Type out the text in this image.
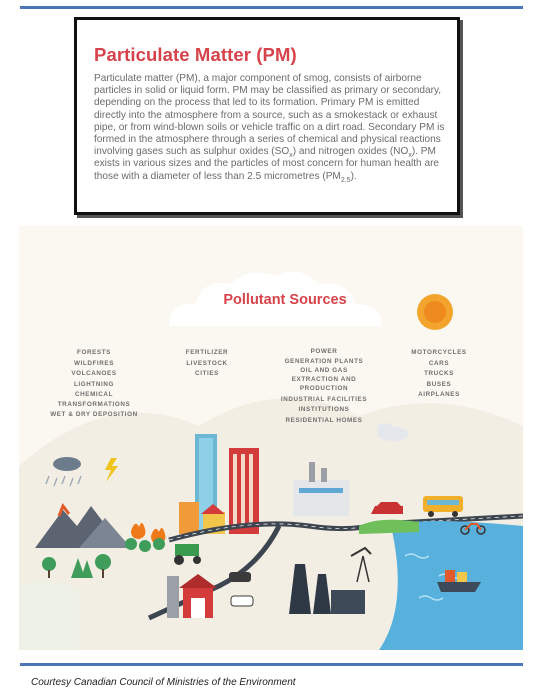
Particulate Matter (PM)
Particulate matter (PM), a major component of smog, consists of airborne particles in solid or liquid form. PM may be classified as primary or secondary, depending on the process that led to its formation. Primary PM is emitted directly into the atmosphere from a source, such as a smokestack or exhaust pipe, or from wind-blown soils or vehicle traffic on a dirt road. Secondary PM is formed in the atmosphere through a series of chemical and physical reactions involving gases such as sulphur oxides $(SO_x)$ and nitrogen oxides $(NO_x)$. PM exists in various sizes and the particles of most concern for human health are those with a diameter of less than 2.5 micrometres $(PM_{2.5})$.
Pollutant Sources
FORESTS
WILDFIRES
VOLCANOES
LIGHTNING
CHEMICAL
TRANSFORMATIONS
WET & DRY DEPOSITION
FERTILIZER
LIVESTOCK
CITIES
POWER
GENERATION PLANTS
OIL AND GAS
EXTRACTION AND
PRODUCTION
INDUSTRIAL FACILITIES
INSTITUTIONS
RESIDENTIAL HOMES
MOTORCYCLES
CARS
TRUCKS
BUSES
AIRPLANES
Courtesy Canadian Council of Ministries of the Environment
